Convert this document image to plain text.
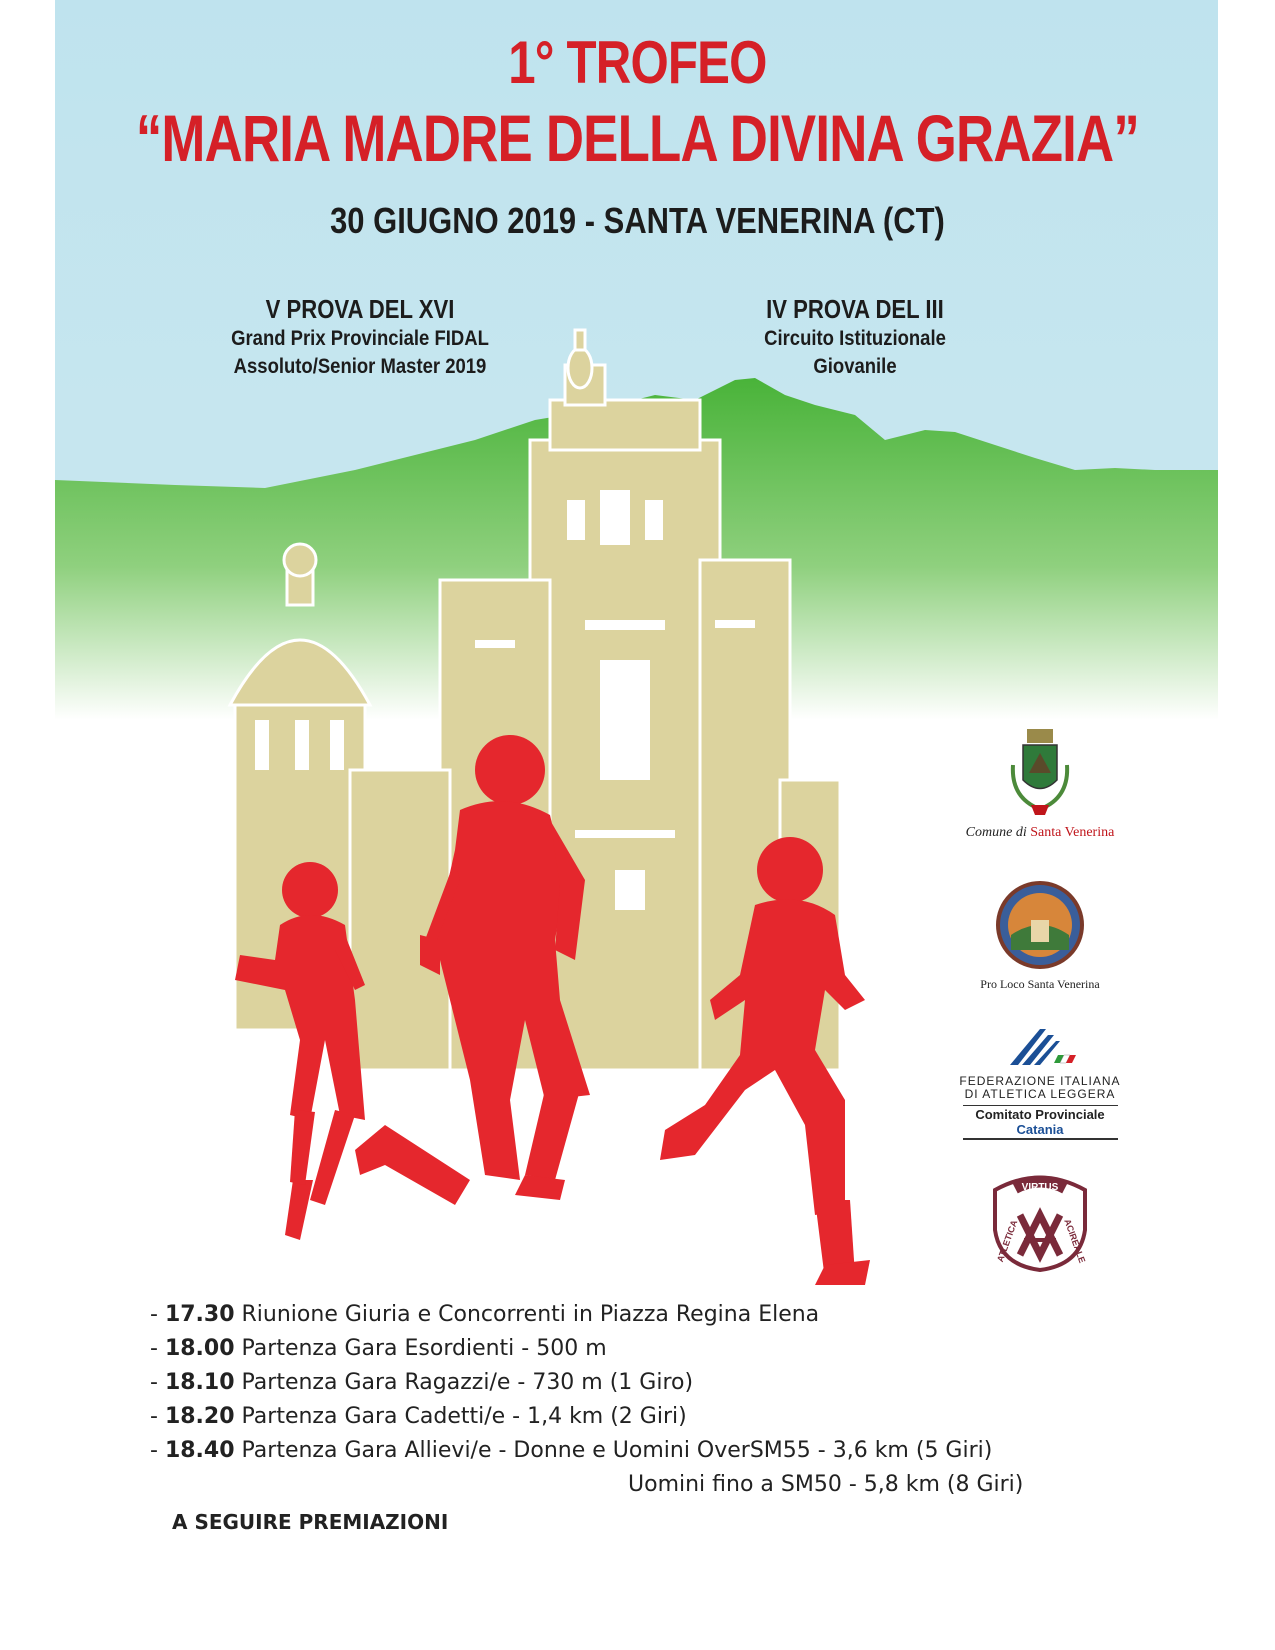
1° TROFEO
“MARIA MADRE DELLA DIVINA GRAZIA”
30 GIUGNO 2019 - SANTA VENERINA (CT)
V PROVA DEL XVI
Grand Prix Provinciale FIDAL
Assoluto/Senior Master 2019
IV PROVA DEL III
Circuito Istituzionale
Giovanile
Comune di Santa Venerina
Pro Loco Santa Venerina
FEDERAZIONE ITALIANA
DI ATLETICA LEGGERA
Comitato Provinciale Catania
VIRTUS
ATLETICA	ACIREALE
- 17.30 Riunione Giuria e Concorrenti in Piazza Regina Elena
- 18.00 Partenza Gara Esordienti - 500 m
- 18.10 Partenza Gara Ragazzi/e - 730 m (1 Giro)
- 18.20 Partenza Gara Cadetti/e - 1,4 km (2 Giri)
- 18.40 Partenza Gara Allievi/e - Donne e Uomini OverSM55 - 3,6 km (5 Giri)
Uomini fino a SM50 - 5,8 km (8 Giri)
A SEGUIRE PREMIAZIONI
